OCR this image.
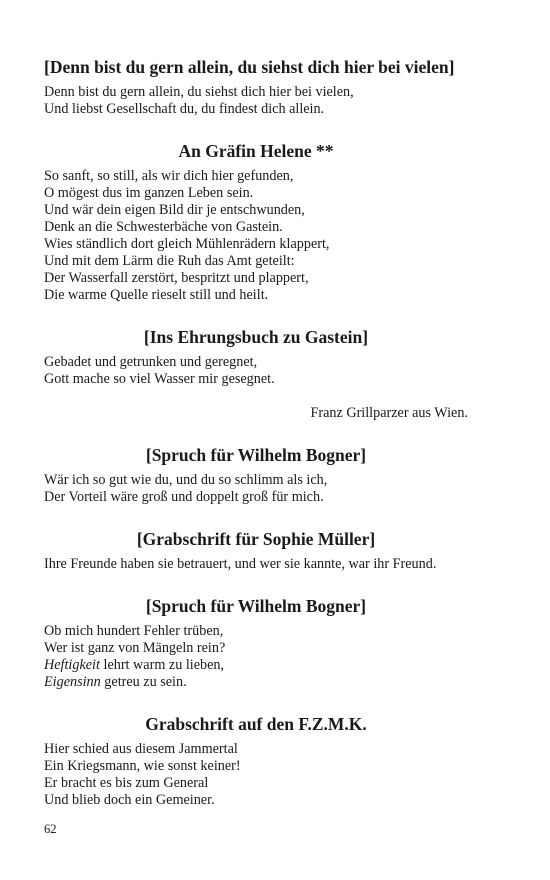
[Denn bist du gern allein, du siehst dich hier bei vielen]
Denn bist du gern allein, du siehst dich hier bei vielen,
Und liebst Gesellschaft du, du findest dich allein.
An Gräfin Helene **
So sanft, so still, als wir dich hier gefunden,
O mögest dus im ganzen Leben sein.
Und wär dein eigen Bild dir je entschwunden,
Denk an die Schwesterbäche von Gastein.
Wies ständlich dort gleich Mühlenrädern klappert,
Und mit dem Lärm die Ruh das Amt geteilt:
Der Wasserfall zerstört, bespritzt und plappert,
Die warme Quelle rieselt still und heilt.
[Ins Ehrungsbuch zu Gastein]
Gebadet und getrunken und geregnet,
Gott mache so viel Wasser mir gesegnet.
Franz Grillparzer aus Wien.
[Spruch für Wilhelm Bogner]
Wär ich so gut wie du, und du so schlimm als ich,
Der Vorteil wäre groß und doppelt groß für mich.
[Grabschrift für Sophie Müller]
Ihre Freunde haben sie betrauert, und wer sie kannte, war ihr Freund.
[Spruch für Wilhelm Bogner]
Ob mich hundert Fehler trüben,
Wer ist ganz von Mängeln rein?
Heftigkeit lehrt warm zu lieben,
Eigensinn getreu zu sein.
Grabschrift auf den F.Z.M.K.
Hier schied aus diesem Jammertal
Ein Kriegsmann, wie sonst keiner!
Er bracht es bis zum General
Und blieb doch ein Gemeiner.
62
